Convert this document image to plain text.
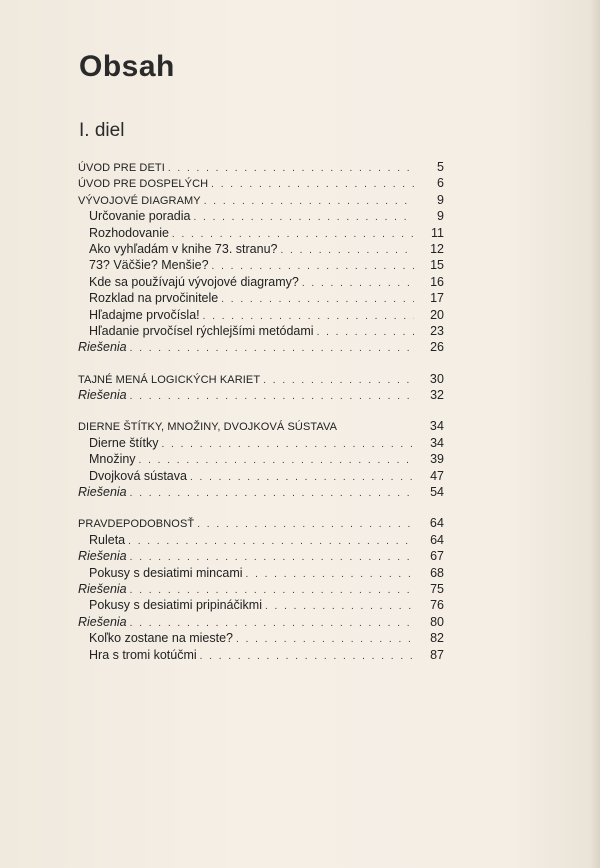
Obsah
I. diel
ÚVOD PRE DETI . . .	5
ÚVOD PRE DOSPELÝCH . . .	6
VÝVOJOVÉ DIAGRAMY . . .	9
Určovanie poradia . . .	9
Rozhodovanie . . .	11
Ako vyhľadám v knihe 73. stranu? . . .	12
73? Väčšie? Menšie? . . .	15
Kde sa používajú vývojové diagramy? . . .	16
Rozklad na prvočinitele . . .	17
Hľadajme prvočísla! . . .	20
Hľadanie prvočísel rýchlejšími metódami . . .	23
Riešenia . . .	26
TAJNÉ MENÁ LOGICKÝCH KARIET . . .	30
Riešenia . . .	32
DIERNE ŠTÍTKY, MNOŽINY, DVOJKOVÁ SÚSTAVA	34
Dierne štítky . . .	34
Množiny . . .	39
Dvojková sústava . . .	47
Riešenia . . .	54
PRAVDEPODOBNOSŤ . . .	64
Ruleta . . .	64
Riešenia . . .	67
Pokusy s desiatimi mincami . . .	68
Riešenia . . .	75
Pokusy s desiatimi pripináčikmi . . .	76
Riešenia . . .	80
Koľko zostane na mieste? . . .	82
Hra s tromi kotúčmi . . .	87
